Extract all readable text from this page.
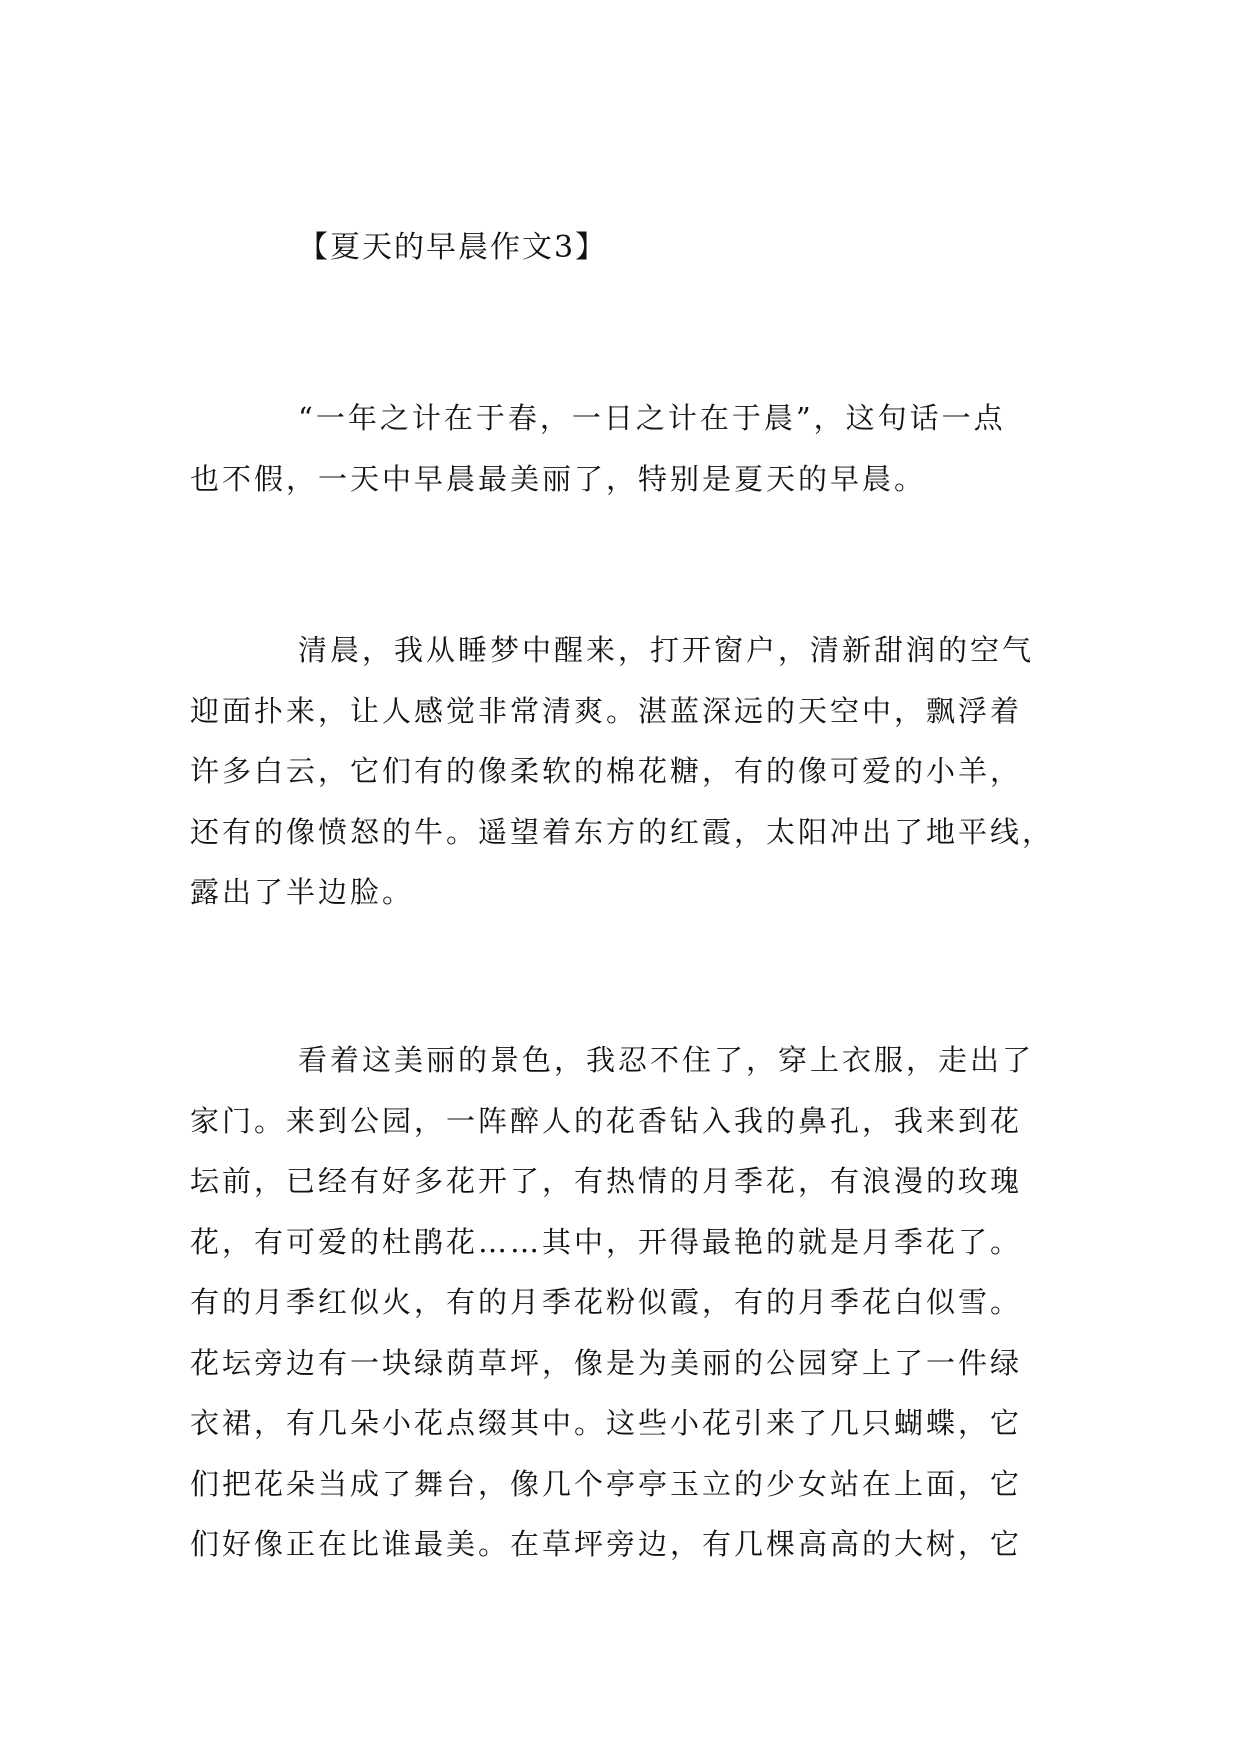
【夏天的早晨作文3】
“一年之计在于春，一日之计在于晨”，这句话一点
也不假，一天中早晨最美丽了，特别是夏天的早晨。
清晨，我从睡梦中醒来，打开窗户，清新甜润的空气
迎面扑来，让人感觉非常清爽。湛蓝深远的天空中，飘浮着
许多白云，它们有的像柔软的棉花糖，有的像可爱的小羊，
还有的像愤怒的牛。遥望着东方的红霞，太阳冲出了地平线，
露出了半边脸。
看着这美丽的景色，我忍不住了，穿上衣服，走出了
家门。来到公园，一阵醉人的花香钻入我的鼻孔，我来到花
坛前，已经有好多花开了，有热情的月季花，有浪漫的玫瑰
花，有可爱的杜鹃花……其中，开得最艳的就是月季花了。
有的月季红似火，有的月季花粉似霞，有的月季花白似雪。
花坛旁边有一块绿荫草坪，像是为美丽的公园穿上了一件绿
衣裙，有几朵小花点缀其中。这些小花引来了几只蝴蝶，它
们把花朵当成了舞台，像几个亭亭玉立的少女站在上面，它
们好像正在比谁最美。在草坪旁边，有几棵高高的大树，它
